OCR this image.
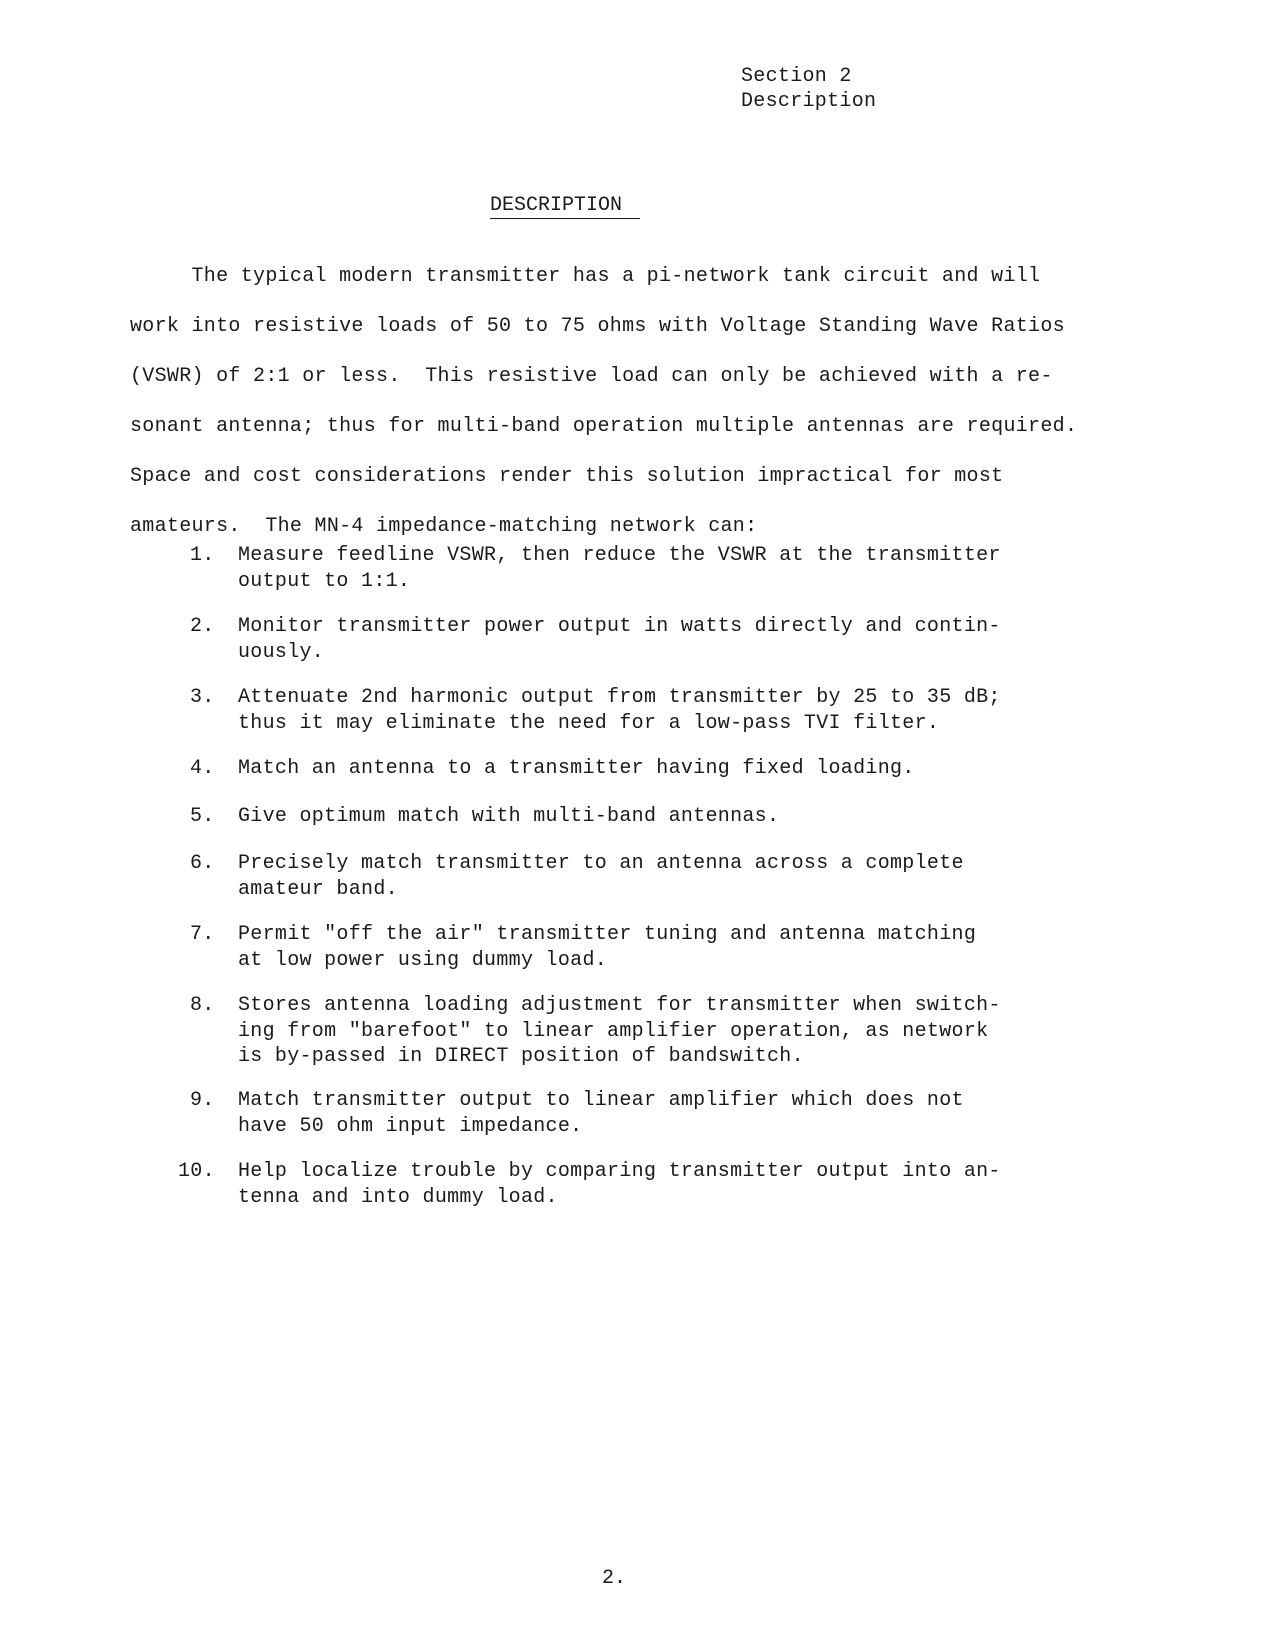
Section 2
Description
DESCRIPTION
The typical modern transmitter has a pi-network tank circuit and will
work into resistive loads of 50 to 75 ohms with Voltage Standing Wave Ratios
(VSWR) of 2:1 or less.  This resistive load can only be achieved with a re-
sonant antenna; thus for multi-band operation multiple antennas are required.
Space and cost considerations render this solution impractical for most
amateurs.  The MN-4 impedance-matching network can:
1. Measure feedline VSWR, then reduce the VSWR at the transmitter
output to 1:1.
2. Monitor transmitter power output in watts directly and contin-
uously.
3. Attenuate 2nd harmonic output from transmitter by 25 to 35 dB;
thus it may eliminate the need for a low-pass TVI filter.
4. Match an antenna to a transmitter having fixed loading.
5. Give optimum match with multi-band antennas.
6. Precisely match transmitter to an antenna across a complete
amateur band.
7. Permit "off the air" transmitter tuning and antenna matching
at low power using dummy load.
8. Stores antenna loading adjustment for transmitter when switch-
ing from "barefoot" to linear amplifier operation, as network
is by-passed in DIRECT position of bandswitch.
9. Match transmitter output to linear amplifier which does not
have 50 ohm input impedance.
10. Help localize trouble by comparing transmitter output into an-
tenna and into dummy load.
2.
